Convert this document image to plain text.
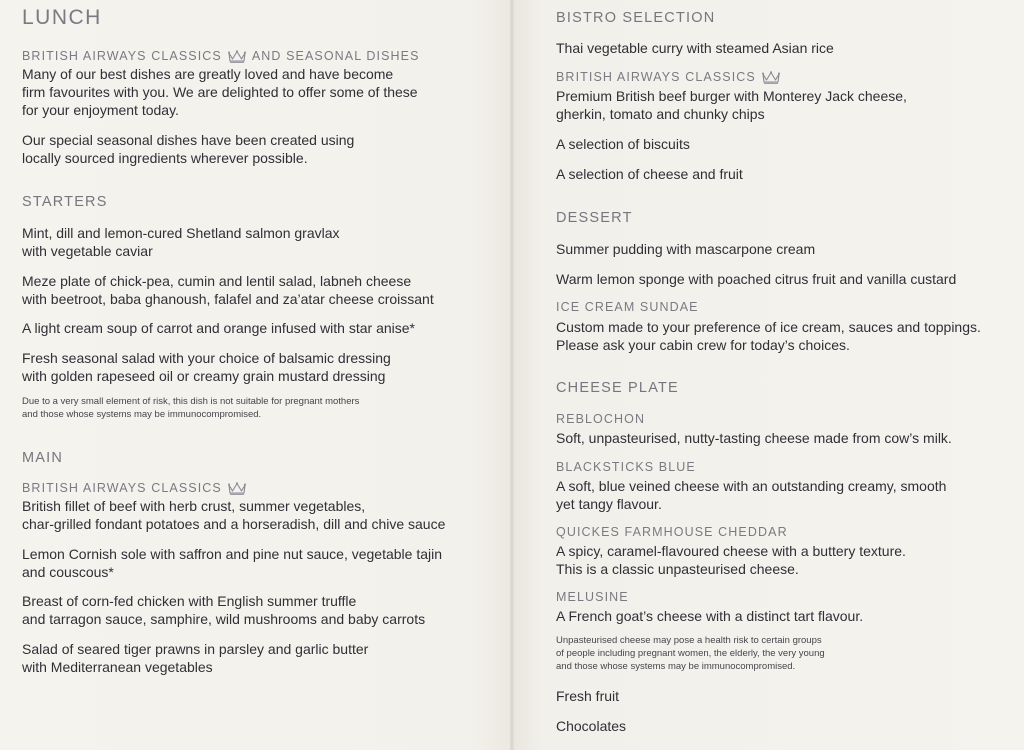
LUNCH
BRITISH AIRWAYS CLASSICS AND SEASONAL DISHES

Many of our best dishes are greatly loved and have become
firm favourites with you. We are delighted to offer some of these
for your enjoyment today.

Our special seasonal dishes have been created using
locally sourced ingredients wherever possible.

STARTERS

Mint, dill and lemon-cured Shetland salmon gravlax
with vegetable caviar

Meze plate of chick-pea, cumin and lentil salad, labneh cheese
with beetroot, baba ghanoush, falafel and za’atar cheese croissant

A light cream soup of carrot and orange infused with star anise*

Fresh seasonal salad with your choice of balsamic dressing
with golden rapeseed oil or creamy grain mustard dressing

Due to a very small element of risk, this dish is not suitable for pregnant mothers
and those whose systems may be immunocompromised.

MAIN
BRITISH AIRWAYS CLASSICS

British fillet of beef with herb crust, summer vegetables,
char-grilled fondant potatoes and a horseradish, dill and chive sauce

Lemon Cornish sole with saffron and pine nut sauce, vegetable tajin
and couscous*

Breast of corn-fed chicken with English summer truffle
and tarragon sauce, samphire, wild mushrooms and baby carrots

Salad of seared tiger prawns in parsley and garlic butter
with Mediterranean vegetables

BISTRO SELECTION

Thai vegetable curry with steamed Asian rice

BRITISH AIRWAYS CLASSICS

Premium British beef burger with Monterey Jack cheese,
gherkin, tomato and chunky chips

A selection of biscuits

A selection of cheese and fruit

DESSERT

Summer pudding with mascarpone cream

Warm lemon sponge with poached citrus fruit and vanilla custard

ICE CREAM SUNDAE

Custom made to your preference of ice cream, sauces and toppings.
Please ask your cabin crew for today’s choices.

CHEESE PLATE
REBLOCHON

Soft, unpasteurised, nutty-tasting cheese made from cow’s milk.

BLACKSTICKS BLUE

A soft, blue veined cheese with an outstanding creamy, smooth
yet tangy flavour.

QUICKES FARMHOUSE CHEDDAR

A spicy, caramel-flavoured cheese with a buttery texture.
This is a classic unpasteurised cheese.

MELUSINE

A French goat’s cheese with a distinct tart flavour.

Unpasteurised cheese may pose a health risk to certain groups
of people including pregnant women, the elderly, the very young
and those whose systems may be immunocompromised.

Fresh fruit

Chocolates
